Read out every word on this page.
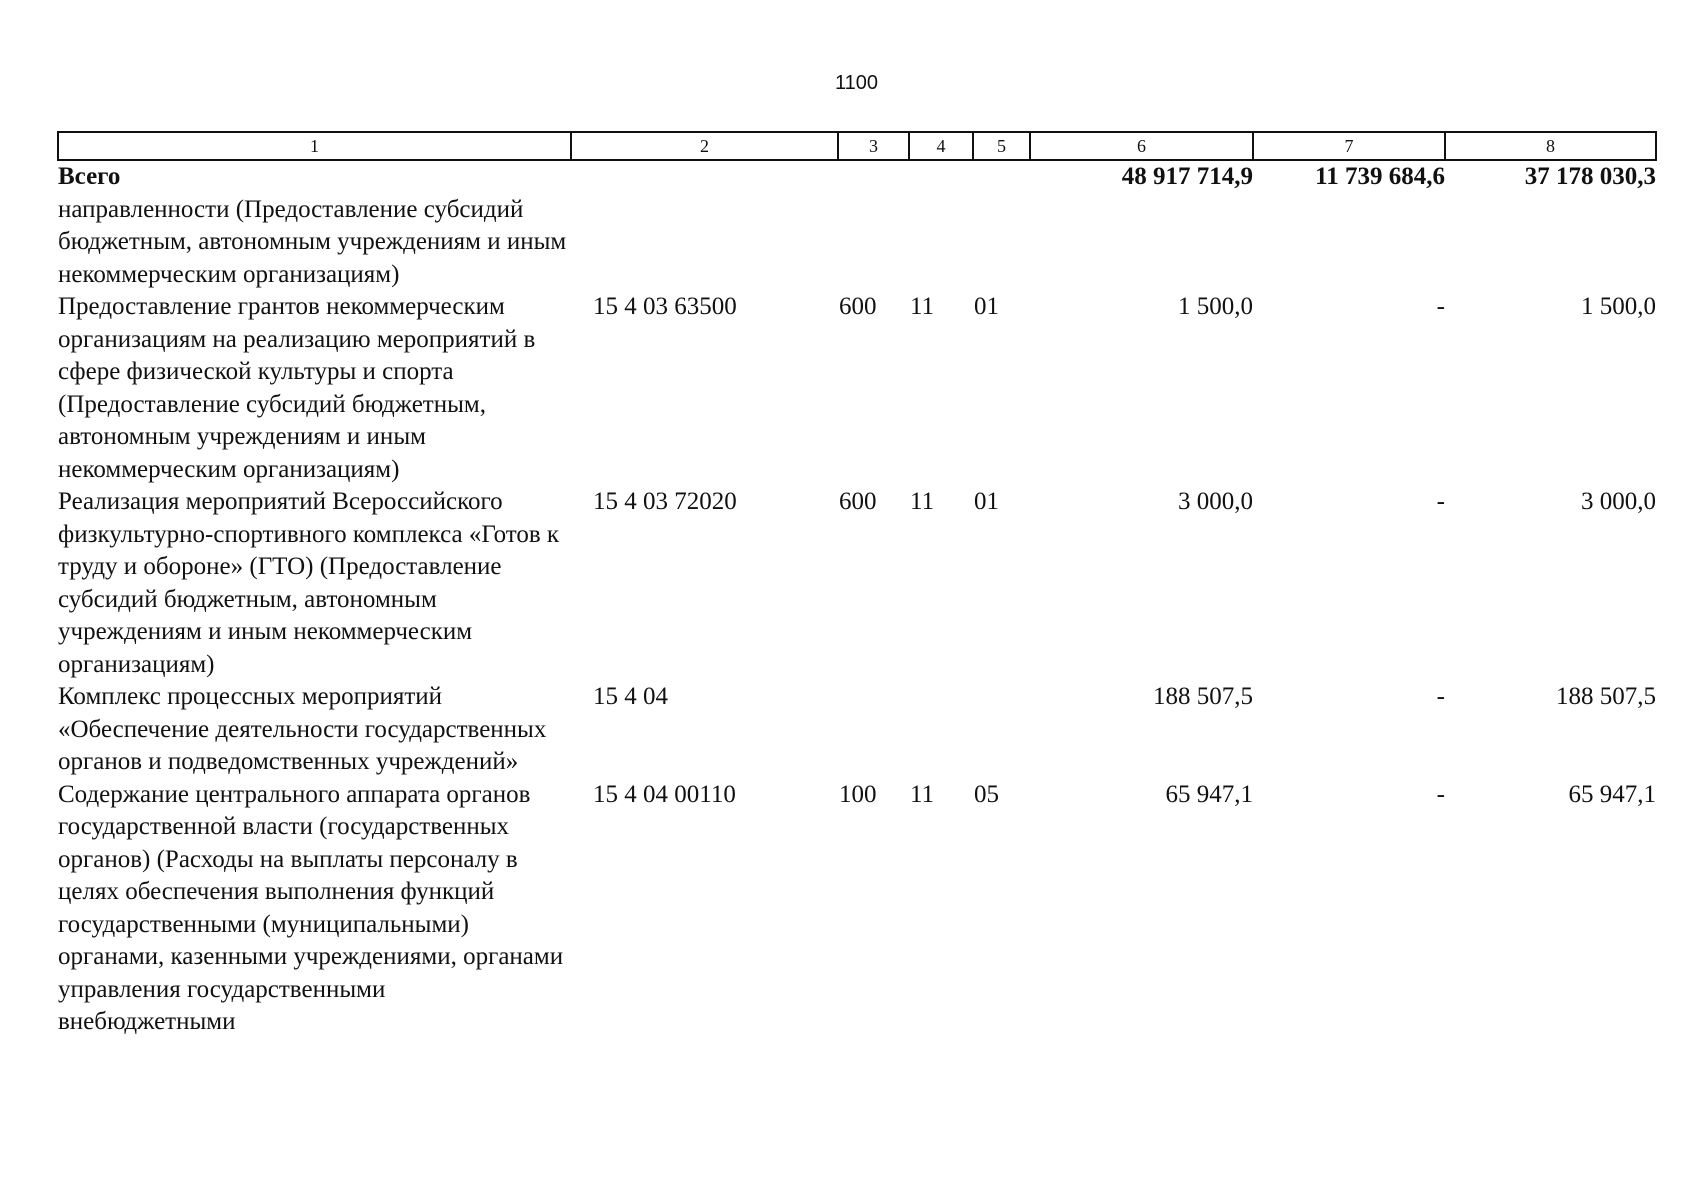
1100
1	2	3	4	5	6	7	8
Всего					48 917 714,9	11 739 684,6	37 178 030,3
направленности (Предоставление субсидий бюджетным, автономным учреждениям и иным некоммерческим организациям)							
Предоставление грантов некоммерческим организациям на реализацию мероприятий в сфере физической культуры и спорта (Предоставление субсидий бюджетным, автономным учреждениям и иным некоммерческим организациям)	15 4 03 63500	600	11	01	1 500,0	-	1 500,0
Реализация мероприятий Всероссийского физкультурно-спортивного комплекса «Готов к труду и обороне» (ГТО) (Предоставление субсидий бюджетным, автономным учреждениям и иным некоммерческим организациям)	15 4 03 72020	600	11	01	3 000,0	-	3 000,0
Комплекс процессных мероприятий «Обеспечение деятельности государственных органов и подведомственных учреждений»	15 4 04				188 507,5	-	188 507,5
Содержание центрального аппарата органов государственной власти (государственных органов) (Расходы на выплаты персоналу в целях обеспечения выполнения функций государственными (муниципальными) органами, казенными учреждениями, органами управления государственными внебюджетными	15 4 04 00110	100	11	05	65 947,1	-	65 947,1
